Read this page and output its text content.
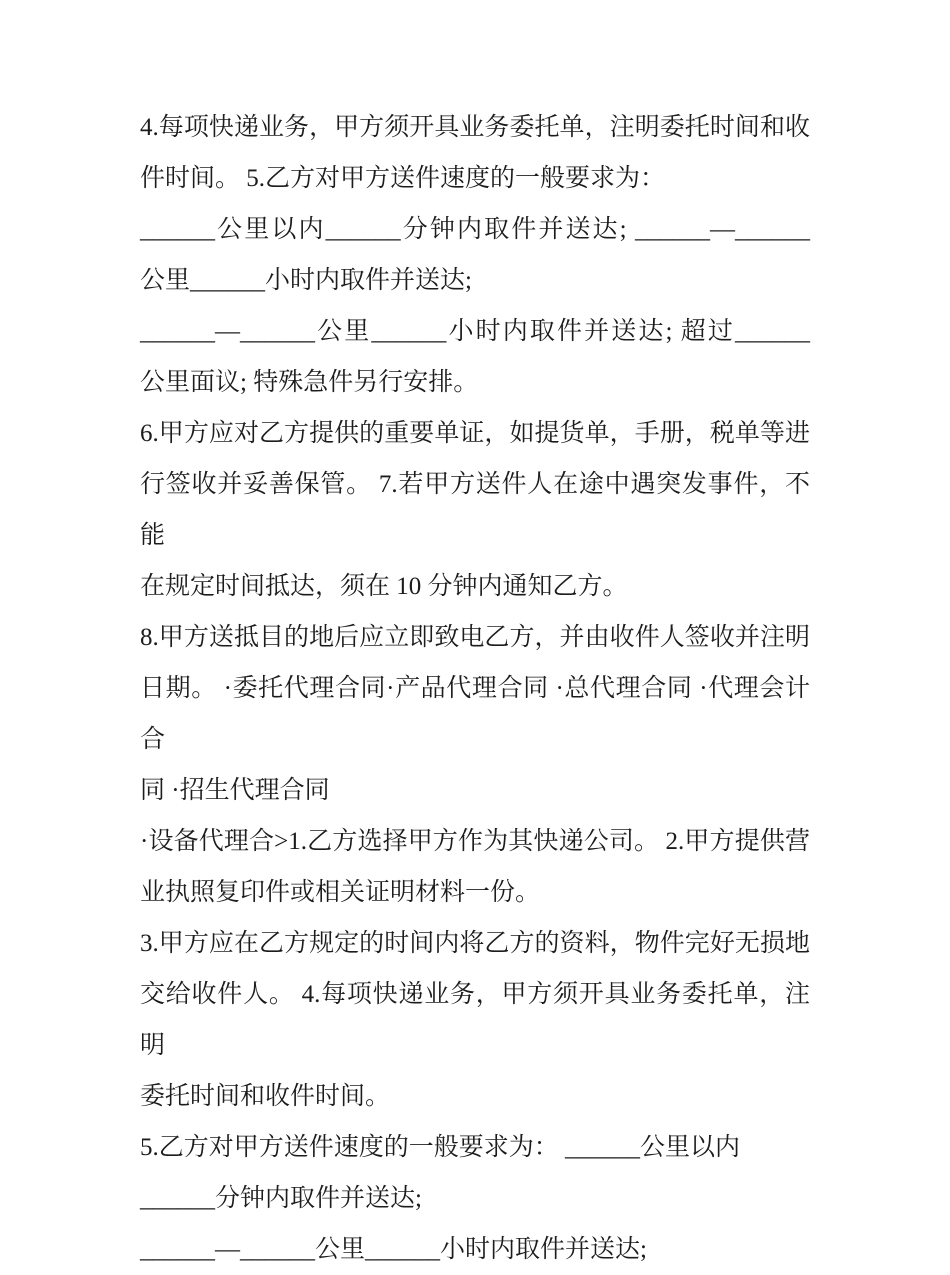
4.每项快递业务，甲方须开具业务委托单，注明委托时间和收
件时间。 5.乙方对甲方送件速度的一般要求为：
______公里以内______分钟内取件并送达; ______—______
公里______小时内取件并送达;
______—______公里______小时内取件并送达; 超过______
公里面议; 特殊急件另行安排。
6.甲方应对乙方提供的重要单证，如提货单，手册，税单等进
行签收并妥善保管。 7.若甲方送件人在途中遇突发事件，不能
在规定时间抵达，须在 10 分钟内通知乙方。
8.甲方送抵目的地后应立即致电乙方，并由收件人签收并注明
日期。 ·委托代理合同·产品代理合同 ·总代理合同 ·代理会计合
同 ·招生代理合同
·设备代理合>1.乙方选择甲方作为其快递公司。 2.甲方提供营
业执照复印件或相关证明材料一份。
3.甲方应在乙方规定的时间内将乙方的资料，物件完好无损地
交给收件人。 4.每项快递业务，甲方须开具业务委托单，注明
委托时间和收件时间。
5.乙方对甲方送件速度的一般要求为： ______公里以内
______分钟内取件并送达;
______—______公里______小时内取件并送达;
